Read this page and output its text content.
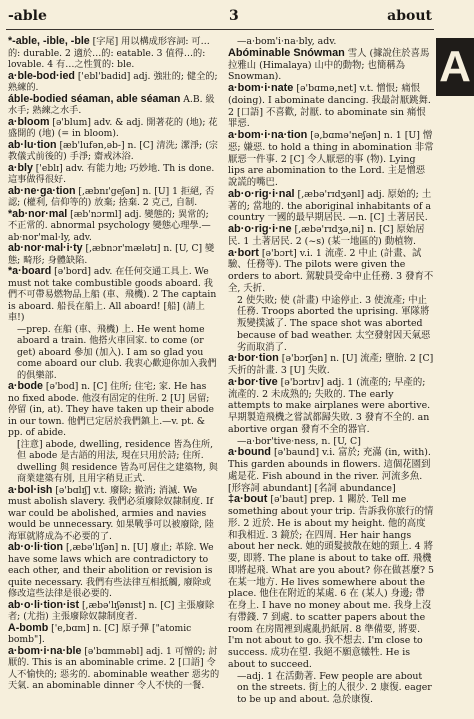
-able	3	about
A

*-able, -ible, -ble [字尾] 用以構成形容詞: 可…的: durable. 2 適於…的: eatable. 3 值得…的: lovable. 4 有…之性質的: ble.

a·ble-bod·ied ['ebl'badid] adj. 強壯的; 健全的; 熟練的.

áble-bodied séaman, able séaman A.B. 級水手; 熟練之水手.

a·bloom [ə'blum] adv. & adj. 開著花的 (地); 花盛開的 (地) (= in bloom).

ab·lu·tion [æb'lufən,əb-] n. [C] 清洗; 潔淨; (宗教儀式前後的) 手淨; 齋戒沐浴.

a·bly ['eblɪ] adv. 有能力地; 巧妙地. Th is done. 這事做得很好.

ab·ne·ga·tion [,æbnɪ'geʃən] n. [U] 1 拒絕, 否認; (權利, 信仰等的) 放棄; 捨棄. 2 克己, 自制.

*ab·nor·mal [æb'nɔrml] adj. 變態的; 異常的; 不正常的. abnormal psychology 變態心理學.—ab·nor'mal·ly, adv.

ab·nor·mal·i·ty [,æbnɔr'mælətɪ] n. [U, C] 變態; 畸形; 身體缺陷.

*a·board [ə'bord] adv. 在任何交通工具上. We must not take combustible goods aboard. 我們不可帶易燃物品上船 (車、飛機). 2 The captain is aboard. 船長在船上. All aboard! [船] (請上車!)

—prep. 在船 (車、飛機) 上. He went home aboard a train. 他搭火車回家. to come (or get) aboard 參加 (加入). I am so glad you come aboard our club. 我衷心歡迎你加入我們的俱樂部.

a·bode [ə'bod] n. [C] 住所; 住宅; 家. He has no fixed abode. 他沒有固定的住所. 2 [U] 居留; 停留 (in, at). They have taken up their abode in our town. 他們已定居於我們鎮上.—v. pt. & pp. of abide.

[注意] abode, dwelling, residence 皆為住所, 但 abode 是古語的用法, 現在只用於詩; 住所. dwelling 與 residence 皆為可居住之建築物, 與商業建築有別, 且用字稍見正式.

a·bol·ish [ə'bɑlɪʃ] v.t. 廢除; 撤消; 消滅. We must abolish slavery. 我們必須廢除奴隸制度. If war could be abolished, armies and navies would be unnecessary. 如果戰爭可以被廢除, 陸海軍就將成為不必要的了.

ab·o·li·tion [,æbə'lɪʃən] n. [U] 廢止; 革除. We have some laws which are contradictory to each other, and their abolition or revision is quite necessary. 我們有些法律互相抵觸, 廢除或修改這些法律是很必要的.

ab·o·li·tion·ist [,æbə'lɪʃənɪst] n. [C] 主張廢除者; (尤指) 主張廢除奴隸制度者.

A-bomb ['e,bɑm] n. [C] 原子彈 ["atomic bomb"].

a·bom·i·na·ble [ə'bɑmɪnəbl] adj. 1 可憎的; 討厭的. This is an abominable crime. 2 [口語] 令人不愉快的; 惡劣的. abominable weather 惡劣的天氣. an abominable dinner 令人不快的一餐.

—a·bom'i·na·bly, adv.

Abóminable Snówman 雪人 (據說住於喜馬拉雅山 (Himalaya) 山中的動物; 也簡稱為 Snowman).

a·bom·i·nate [ə'bɑmə,net] v.t. 憎恨; 痛恨 (doing). I abominate dancing. 我最討厭跳舞. 2 [口語] 不喜歡, 討厭. to abominate sin 痛恨罪惡.

a·bom·i·na·tion [ə,bɑmə'neʃən] n. 1 [U] 憎惡; 嫌惡. to hold a thing in abomination 非常厭惡一件事. 2 [C] 令人厭惡的事 (物). Lying lips are abomination to the Lord. 主是憎惡說謊的嘴巴.

ab·o·rig·i·nal [,æbə'rɪdʒənl] adj. 原始的; 土著的; 當地的. the aboriginal inhabitants of a country 一國的最早期居民. —n. [C] 土著居民.

ab·o·rig·i·ne [,æbə'rɪdʒə,ni] n. [C] 原始居民. 1 土著居民. 2 (~s) (某一地區的) 動植物.

a·bort [ə'bɔrt] v.i. 1 流產. 2 中止 (計畫、試驗、任務等). The pilots were given the orders to abort. 駕駛員受命中止任務. 3 發育不全, 夭折.

2 使失敗; 使 (計畫) 中途停止. 3 使流產; 中止 任務. Troops aborted the uprising. 軍隊將叛變撲滅了. The space shot was aborted because of bad weather. 太空發射因天氣惡劣而取消了.

a·bor·tion [ə'bɔrʃən] n. [U] 流產; 墮胎. 2 [C] 夭折的計畫. 3 [U] 失敗.

a·bor·tive [ə'bɔrtɪv] adj. 1 (流產的; 早產的; 流產的. 2 未成熟的; 失敗的. The early attempts to make airplanes were abortive. 早期製造飛機之嘗試都歸失敗. 3 發育不全的. an abortive organ 發育不全的器官.

—a·bor'tive·ness, n. [U, C]

a·bound [ə'baund] v.i. 富於; 充滿 (in, with). This garden abounds in flowers. 這個花園到處是花. Fish abound in the river. 河流多魚. [形容詞 abundant] [名詞 abundance]

‡a·bout [ə'baut] prep. 1 關於. Tell me something about your trip. 告訴我你旅行的情形. 2 近於. He is about my height. 他的高度和我相近. 3 鏡於; 在四周. Her hair hangs about her neck. 她的頭髮披散在她的頸上. 4 將要, 即將. The plane is about to take off. 飛機即將起飛. What are you about? 你在做甚麼? 5 在某一地方. He lives somewhere about the place. 他住在附近的某處. 6 在 (某人) 身邊; 帶在身上. I have no money about me. 我身上沒有帶錢. 7 到處. to scatter papers about the room 在房間裡到處亂扔紙屑. 8 準備要, 將要. I'm not about to go. 我不想去. I'm close to success. 成功在望. 我絕不願意犧牲. He is about to succeed.

—adj. 1 在活動著. Few people are about on the streets. 街上的人很少. 2 康復. eager to be up and about. 急於康復.
